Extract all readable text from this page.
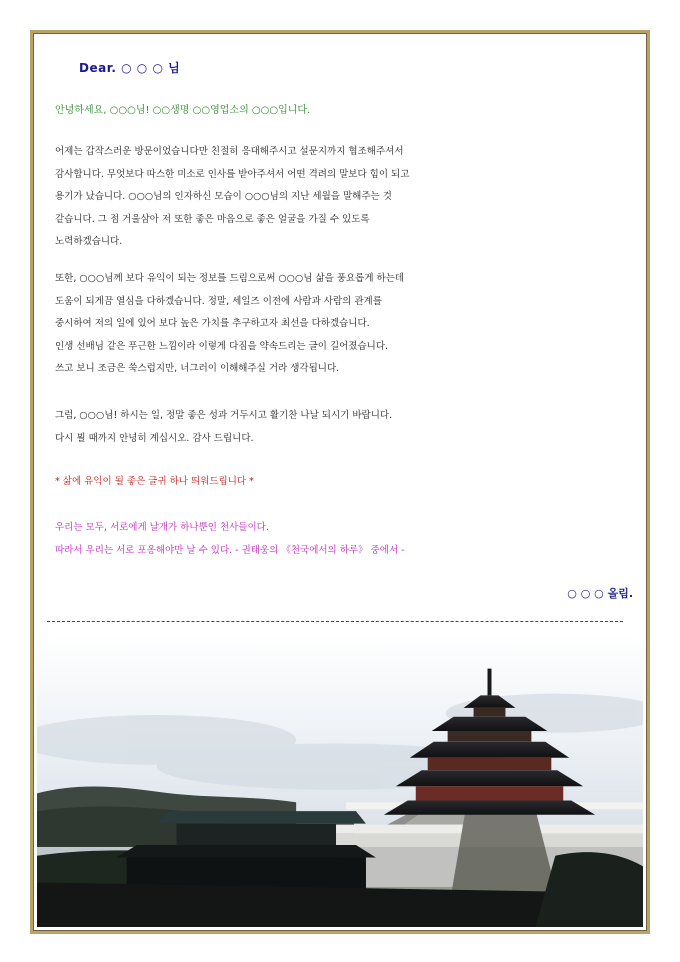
Dear. ○ ○ ○ 님
안녕하세요, ○○○님! ○○생명 ○○영업소의 ○○○입니다.
어제는 갑작스러운 방문이었습니다만 친절히 응대해주시고 설문지까지 협조해주셔서
감사합니다. 무엇보다 따스한 미소로 인사를 받아주셔서 어떤 격려의 말보다 힘이 되고
용기가 났습니다. ○○○님의 인자하신 모습이 ○○○님의 지난 세월을 말해주는 것
같습니다. 그 점 거울삼아 저 또한 좋은 마음으로 좋은 얼굴을 가질 수 있도록
노력하겠습니다.
또한, ○○○님께 보다 유익이 되는 정보를 드림으로써 ○○○님 삶을 풍요롭게 하는데
도움이 되게끔 열심을 다하겠습니다. 정말, 세일즈 이전에 사람과 사람의 관계를
중시하여 저의 일에 있어 보다 높은 가치를 추구하고자 최선을 다하겠습니다.
인생 선배님 같은 푸근한 느낌이라 이렇게 다짐을 약속드리는 글이 길어졌습니다.
쓰고 보니 조금은 쑥스럽지만, 너그러이 이해해주실 거라 생각됩니다.
그럼, ○○○님! 하시는 일, 정말 좋은 성과 거두시고 활기찬 나날 되시기 바랍니다.
다시 뵐 때까지 안녕히 계십시오. 감사 드립니다.
* 삶에 유익이 될 좋은 글귀 하나 띄워드립니다 *
우리는 모두, 서로에게 날개가 하나뿐인 천사들이다.
따라서 우리는 서로 포옹해야만 날 수 있다. - 권태웅의 《천국에서의 하루》 중에서 -
○ ○ ○ 올림.
